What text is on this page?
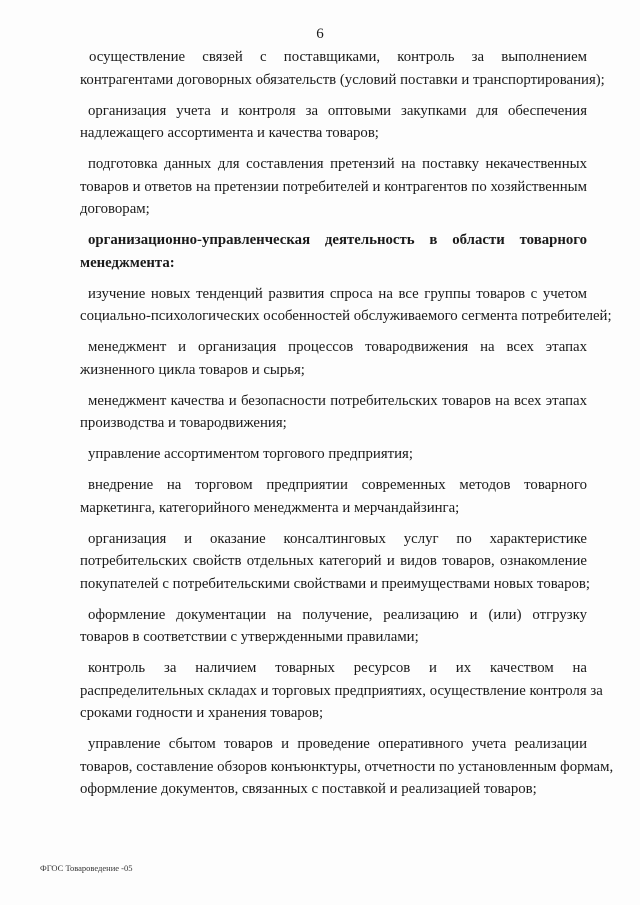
6
осуществление связей с поставщиками, контроль за выполнением
контрагентами договорных обязательств (условий поставки и транспортирования);
организация учета и контроля за оптовыми закупками для обеспечения
надлежащего ассортимента и качества товаров;
подготовка данных для составления претензий на поставку некачественных
товаров и ответов на претензии потребителей и контрагентов по хозяйственным
договорам;
организационно-управленческая деятельность в области товарного
менеджмента:
изучение новых тенденций развития спроса на все группы товаров с учетом
социально-психологических особенностей обслуживаемого сегмента потребителей;
менеджмент и организация процессов товародвижения на всех этапах
жизненного цикла товаров и сырья;
менеджмент качества и безопасности потребительских товаров на всех этапах
производства и товародвижения;
управление ассортиментом торгового предприятия;
внедрение на торговом предприятии современных методов товарного
маркетинга, категорийного менеджмента и мерчандайзинга;
организация и оказание консалтинговых услуг по характеристике
потребительских свойств отдельных категорий и видов товаров, ознакомление
покупателей с потребительскими свойствами и преимуществами новых товаров;
оформление документации на получение, реализацию и (или) отгрузку
товаров в соответствии с утвержденными правилами;
контроль за наличием товарных ресурсов и их качеством на
распределительных складах и торговых предприятиях, осуществление контроля за
сроками годности и хранения товаров;
управление сбытом товаров и проведение оперативного учета реализации
товаров, составление обзоров конъюнктуры, отчетности по установленным формам,
оформление документов, связанных с поставкой и реализацией товаров;
ФГОС Товароведение -05
